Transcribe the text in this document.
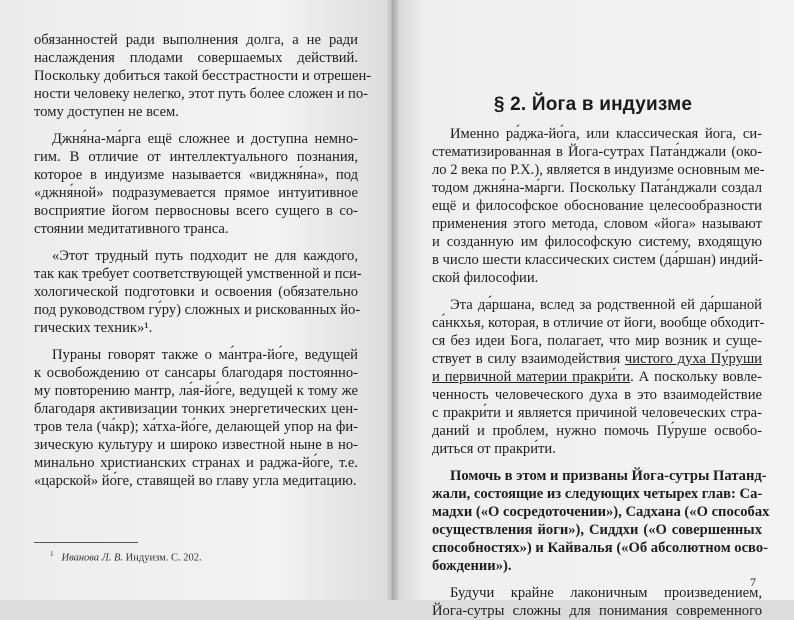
обязанностей ради выполнения долга, а не ради
наслаждения плодами совершаемых действий.
Поскольку добиться такой бесстрастности и отрешен-
ности человеку нелегко, этот путь более сложен и по-
тому доступен не всем.
Джня́на-ма́рга ещё сложнее и доступна немно-
гим. В отличие от интеллектуального познания,
которое в индуизме называется «виджня́на», под
«джня́ной» подразумевается прямое интуитивное
восприятие йогом первосновы всего сущего в со-
стоянии медитативного транса.
«Этот трудный путь подходит не для каждого,
так как требует соответствующей умственной и пси-
хологической подготовки и освоения (обязательно
под руководством гу́ру) сложных и рискованных йо-
гических техник»¹.
Пураны говорят также о ма́нтра-йо́ге, ведущей
к освобождению от сансары благодаря постоянно-
му повторению мантр, ла́я-йо́ге, ведущей к тому же
благодаря активизации тонких энергетических цен-
тров тела (ча́кр); ха́тха-йо́ге, делающей упор на фи-
зическую культуру и широко известной ныне в но-
минально христианских странах и раджа-йо́ге, т.е.
«царской» йо́ге, ставящей во главу угла медитацию.
$^1$ Иванова Л. В. Индуизм. С. 202.
§ 2. Йога в индуизме
Именно ра́джа-йо́га, или классическая йога, си-
стематизированная в Йога-сутрах Пата́нджали (око-
ло 2 века по Р.Х.), является в индуизме основным ме-
тодом джня́на-ма́рги. Поскольку Пата́нджали создал
ещё и философское обоснование целесообразности
применения этого метода, словом «йога» называют
и созданную им философскую систему, входящую
в число шести классических систем (да́ршан) индий-
ской философии.
Эта да́ршана, вслед за родственной ей да́ршаной
са́нкхья, которая, в отличие от йоги, вообще обходит-
ся без идеи Бога, полагает, что мир возник и суще-
ствует в силу взаимодействия чистого духа Пу́руши
и первичной материи пракри́ти. А поскольку вовле-
ченность человеческого духа в это взаимодействие
с пракри́ти и является причиной человеческих стра-
даний и проблем, нужно помочь Пу́руше освобо-
диться от пракри́ти.
Помочь в этом и призваны Йога-сутры Патанд-
жали, состоящие из следующих четырех глав: Са-
мадхи («О сосредоточении»), Садхана («О способах
осуществления йоги»), Сиддхи («О совершенных
способностях») и Кайвалья («Об абсолютном осво-
бождении»).
Будучи крайне лаконичным произведением,
Йога-сутры сложны для понимания современного
7
